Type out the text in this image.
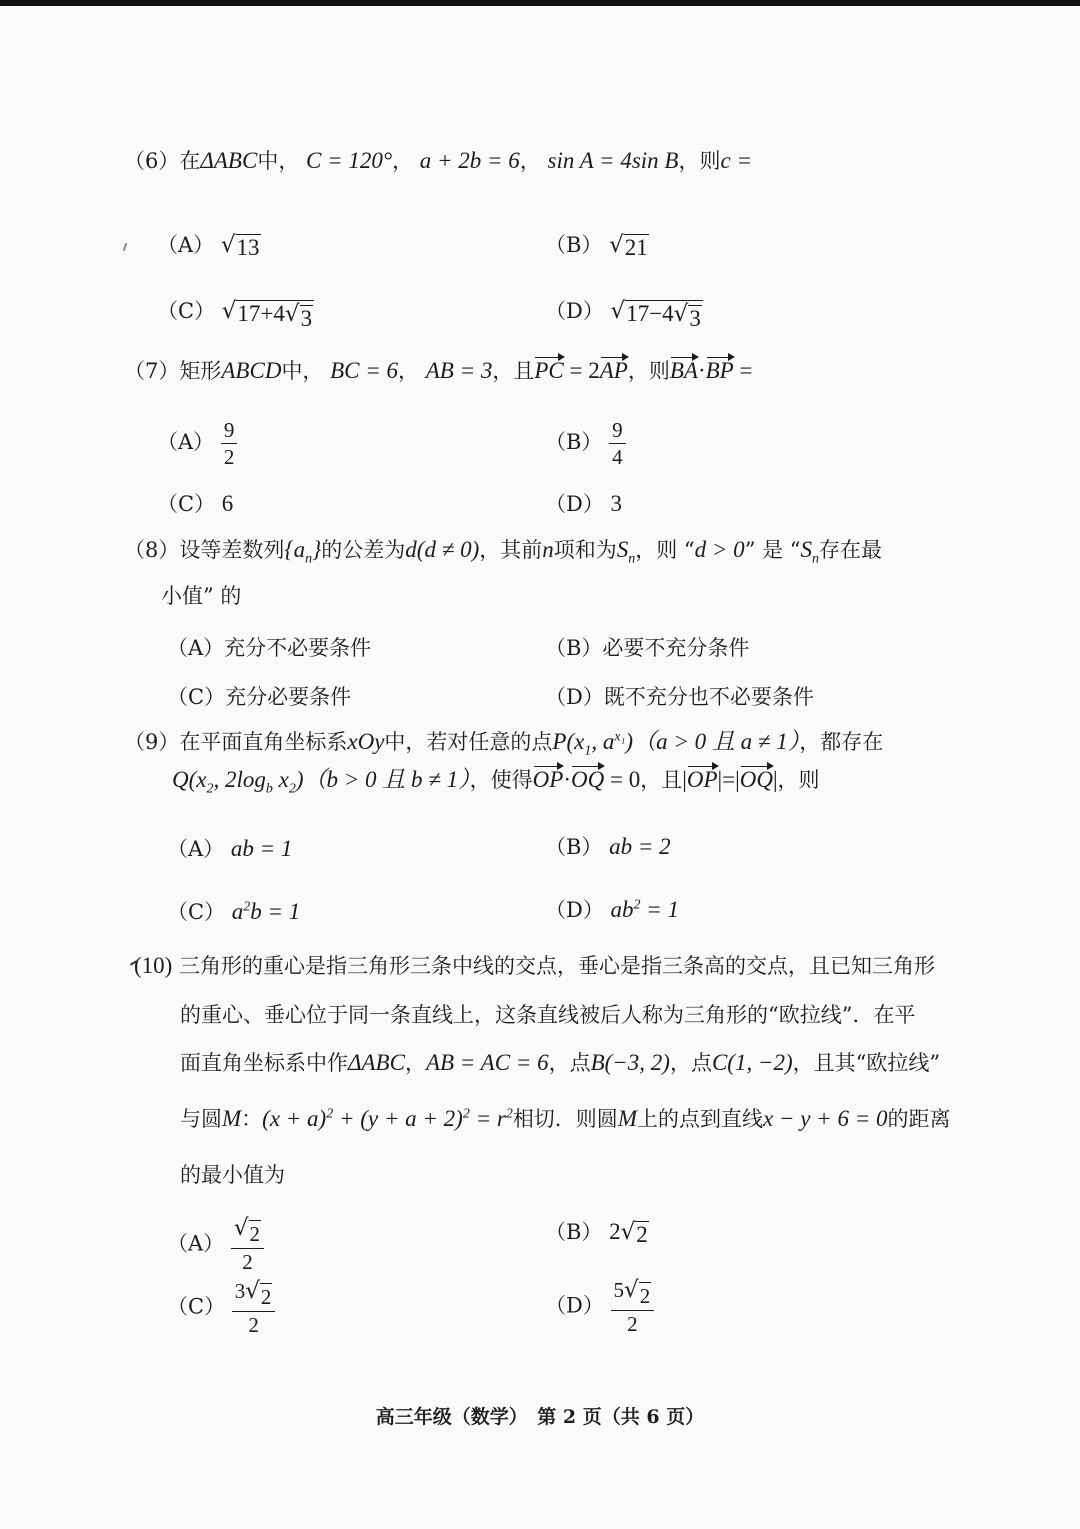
（6）在ΔABC中， C = 120°， a + 2b = 6， sin A = 4sin B，则c =
（A） √ 13	（B） √ 21
（C） √ 17+4 √ 3	（D） √ 17−4 √ 3
（7）矩形ABCD中， BC = 6， AB = 3，且PC = 2AP，则BA·BP =
$(A) \frac{9}{2}$	$(B) \frac{9}{4}$
（C） 6	（D） 3
（8）设等差数列$\{a_n\}$的公差为d(d ≠ 0)，其前n项和为$S_n$，则 “d > 0” 是 “$S_n$存在最
小值” 的
（A）充分不必要条件	（B）必要不充分条件
（C）充分必要条件	（D）既不充分也不必要条件
（9）在平面直角坐标系xOy中，若对任意的点$P(x_1$, $a^{x_1})(a > 0$ 且 a ≠ 1），都存在
$Q(x_2$, $2\log_b$ $x_2)(b > 0$ 且 b ≠ 1），使得OP·OQ = 0，且|OP|=|OQ|，则
（A） ab = 1	（B） ab = 2
（C） $a^2b = 1$	（D） $ab^2 = 1$
(10) 三角形的重心是指三角形三条中线的交点，垂心是指三条高的交点，且已知三角形
的重心、垂心位于同一条直线上，这条直线被后人称为三角形的“欧拉线”．在平
面直角坐标系中作ΔABC，AB = AC = 6，点B(−3, 2)，点C(1, −2)，且其“欧拉线”
与圆M：$(x + a)^2 + (y + a + 2)^2 = r^2$相切．则圆M上的点到直线x − y + 6 = 0的距离
的最小值为
$(A) \frac{√ 2}{2}$	（B） 2 √ 2
$(C) \frac{3 √ 2}{2}$	$(D) \frac{5 √ 2}{2}$
高三年级（数学）　第 2 页（共 6 页）
